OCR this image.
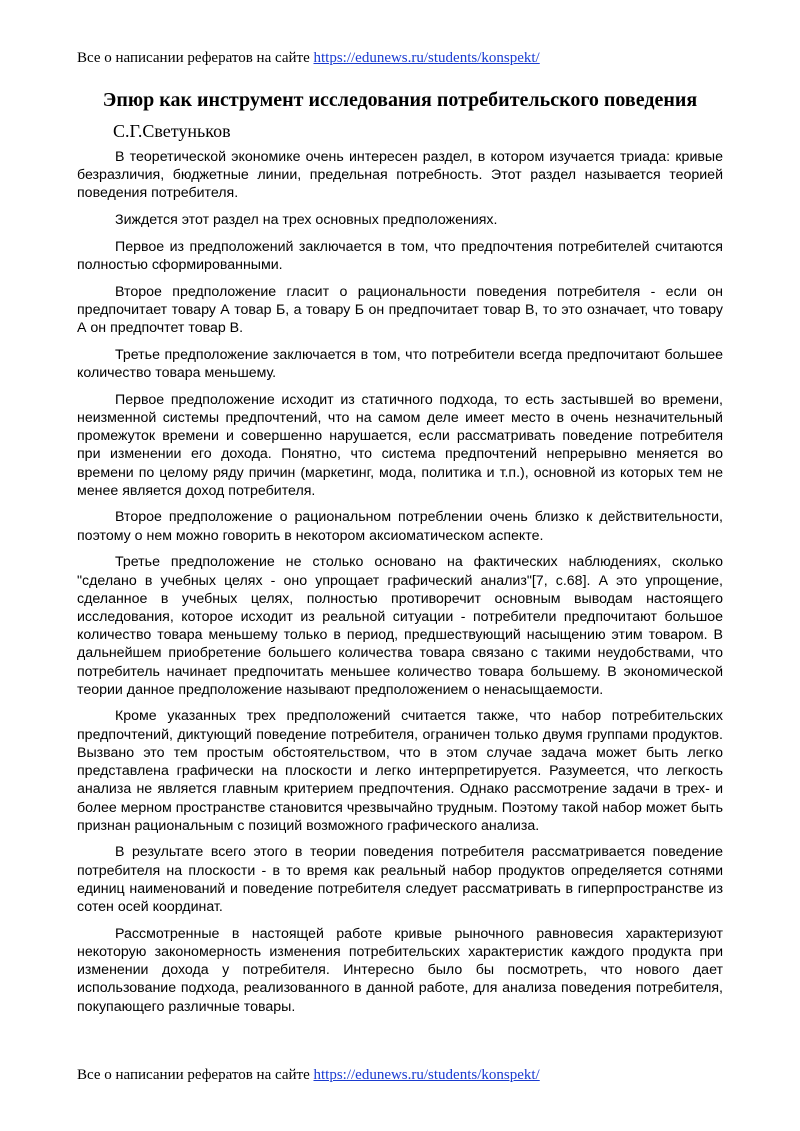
Все о написании рефератов на сайте https://edunews.ru/students/konspekt/
Эпюр как инструмент исследования потребительского поведения
С.Г.Светуньков

В теоретической экономике очень интересен раздел, в котором изучается триада: кривые безразличия, бюджетные линии, предельная потребность. Этот раздел называется теорией поведения потребителя.

Зиждется этот раздел на трех основных предположениях.

Первое из предположений заключается в том, что предпочтения потребителей считаются полностью сформированными.

Второе предположение гласит о рациональности поведения потребителя - если он предпочитает товару А товар Б, а товару Б он предпочитает товар В, то это означает, что товару А он предпочтет товар В.

Третье предположение заключается в том, что потребители всегда предпочитают большее количество товара меньшему.

Первое предположение исходит из статичного подхода, то есть застывшей во времени, неизменной системы предпочтений, что на самом деле имеет место в очень незначительный промежуток времени и совершенно нарушается, если рассматривать поведение потребителя при изменении его дохода. Понятно, что система предпочтений непрерывно меняется во времени по целому ряду причин (маркетинг, мода, политика и т.п.), основной из которых тем не менее является доход потребителя.

Второе предположение о рациональном потреблении очень близко к действительности, поэтому о нем можно говорить в некотором аксиоматическом аспекте.

Третье предположение не столько основано на фактических наблюдениях, сколько "сделано в учебных целях - оно упрощает графический анализ"[7, с.68]. А это упрощение, сделанное в учебных целях, полностью противоречит основным выводам настоящего исследования, которое исходит из реальной ситуации - потребители предпочитают большое количество товара меньшему только в период, предшествующий насыщению этим товаром. В дальнейшем приобретение большего количества товара связано с такими неудобствами, что потребитель начинает предпочитать меньшее количество товара большему. В экономической теории данное предположение называют предположением о ненасыщаемости.

Кроме указанных трех предположений считается также, что набор потребительских предпочтений, диктующий поведение потребителя, ограничен только двумя группами продуктов. Вызвано это тем простым обстоятельством, что в этом случае задача может быть легко представлена графически на плоскости и легко интерпретируется. Разумеется, что легкость анализа не является главным критерием предпочтения. Однако рассмотрение задачи в трех- и более мерном пространстве становится чрезвычайно трудным. Поэтому такой набор может быть признан рациональным с позиций возможного графического анализа.

В результате всего этого в теории поведения потребителя рассматривается поведение потребителя на плоскости - в то время как реальный набор продуктов определяется сотнями единиц наименований и поведение потребителя следует рассматривать в гиперпространстве из сотен осей координат.

Рассмотренные в настоящей работе кривые рыночного равновесия характеризуют некоторую закономерность изменения потребительских характеристик каждого продукта при изменении дохода у потребителя. Интересно было бы посмотреть, что нового дает использование подхода, реализованного в данной работе, для анализа поведения потребителя, покупающего различные товары.

Все о написании рефератов на сайте https://edunews.ru/students/konspekt/
